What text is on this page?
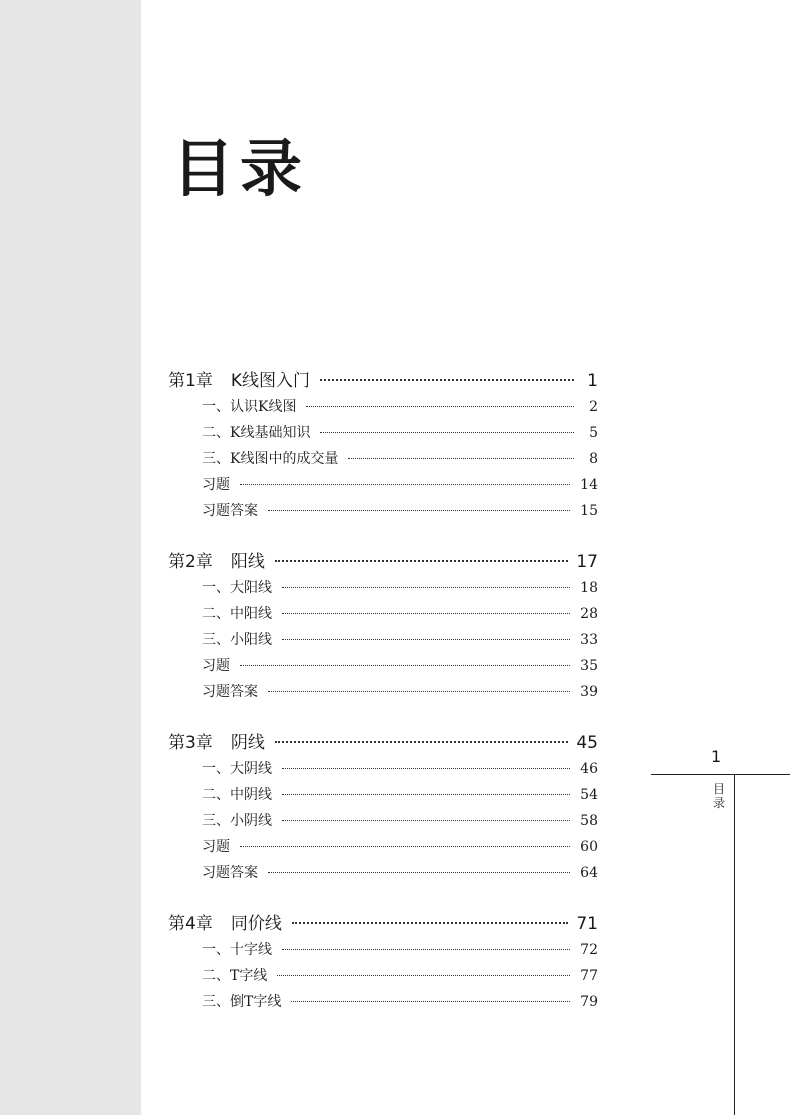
目录
第1章 K线图入门	1
一、认识K线图	2
二、K线基础知识	5
三、K线图中的成交量	8
习题	14
习题答案	15
第2章 阳线	17
一、大阳线	18
二、中阳线	28
三、小阳线	33
习题	35
习题答案	39
第3章 阴线	45
一、大阴线	46
二、中阴线	54
三、小阴线	58
习题	60
习题答案	64
第4章 同价线	71
一、十字线	72
二、T字线	77
三、倒T字线	79
1
目
录
